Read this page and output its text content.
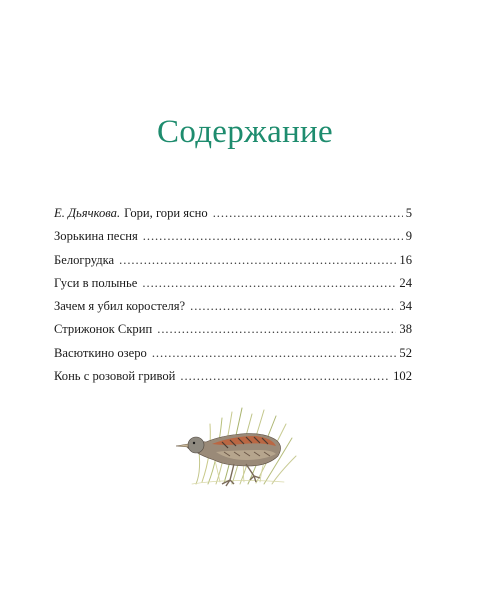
Содержание
Е. Дьячкова. Гори, гори ясно . . .	5
Зорькина песня . . .	9
Белогрудка . . .	16
Гуси в полынье . . .	24
Зачем я убил коростеля? . . .	34
Стрижонок Скрип . . .	38
Васюткино озеро . . .	52
Конь с розовой гривой . . .	102
